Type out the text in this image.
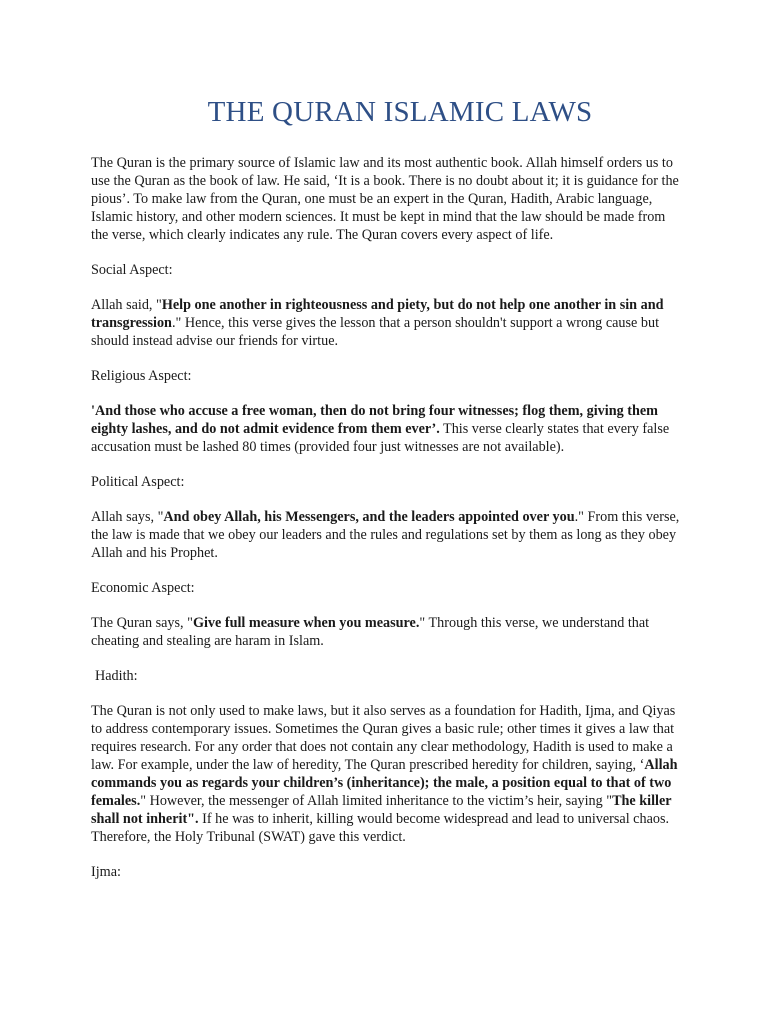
THE QURAN ISLAMIC LAWS

The Quran is the primary source of Islamic law and its most authentic book. Allah himself orders us to use the Quran as the book of law. He said, ‘It is a book. There is no doubt about it; it is guidance for the pious’. To make law from the Quran, one must be an expert in the Quran, Hadith, Arabic language, Islamic history, and other modern sciences. It must be kept in mind that the law should be made from the verse, which clearly indicates any rule. The Quran covers every aspect of life.

Social Aspect:

Allah said, "Help one another in righteousness and piety, but do not help one another in sin and transgression." Hence, this verse gives the lesson that a person shouldn't support a wrong cause but should instead advise our friends for virtue.

Religious Aspect:

'And those who accuse a free woman, then do not bring four witnesses; flog them, giving them eighty lashes, and do not admit evidence from them ever’. This verse clearly states that every false accusation must be lashed 80 times (provided four just witnesses are not available).

Political Aspect:

Allah says, "And obey Allah, his Messengers, and the leaders appointed over you." From this verse, the law is made that we obey our leaders and the rules and regulations set by them as long as they obey Allah and his Prophet.

Economic Aspect:

The Quran says, "Give full measure when you measure." Through this verse, we understand that cheating and stealing are haram in Islam.

Hadith:

The Quran is not only used to make laws, but it also serves as a foundation for Hadith, Ijma, and Qiyas to address contemporary issues. Sometimes the Quran gives a basic rule; other times it gives a law that requires research. For any order that does not contain any clear methodology, Hadith is used to make a law. For example, under the law of heredity, The Quran prescribed heredity for children, saying, ‘Allah commands you as regards your children’s (inheritance); the male, a position equal to that of two females." However, the messenger of Allah limited inheritance to the victim’s heir, saying "The killer shall not inherit". If he was to inherit, killing would become widespread and lead to universal chaos. Therefore, the Holy Tribunal (SWAT) gave this verdict.

Ijma:
